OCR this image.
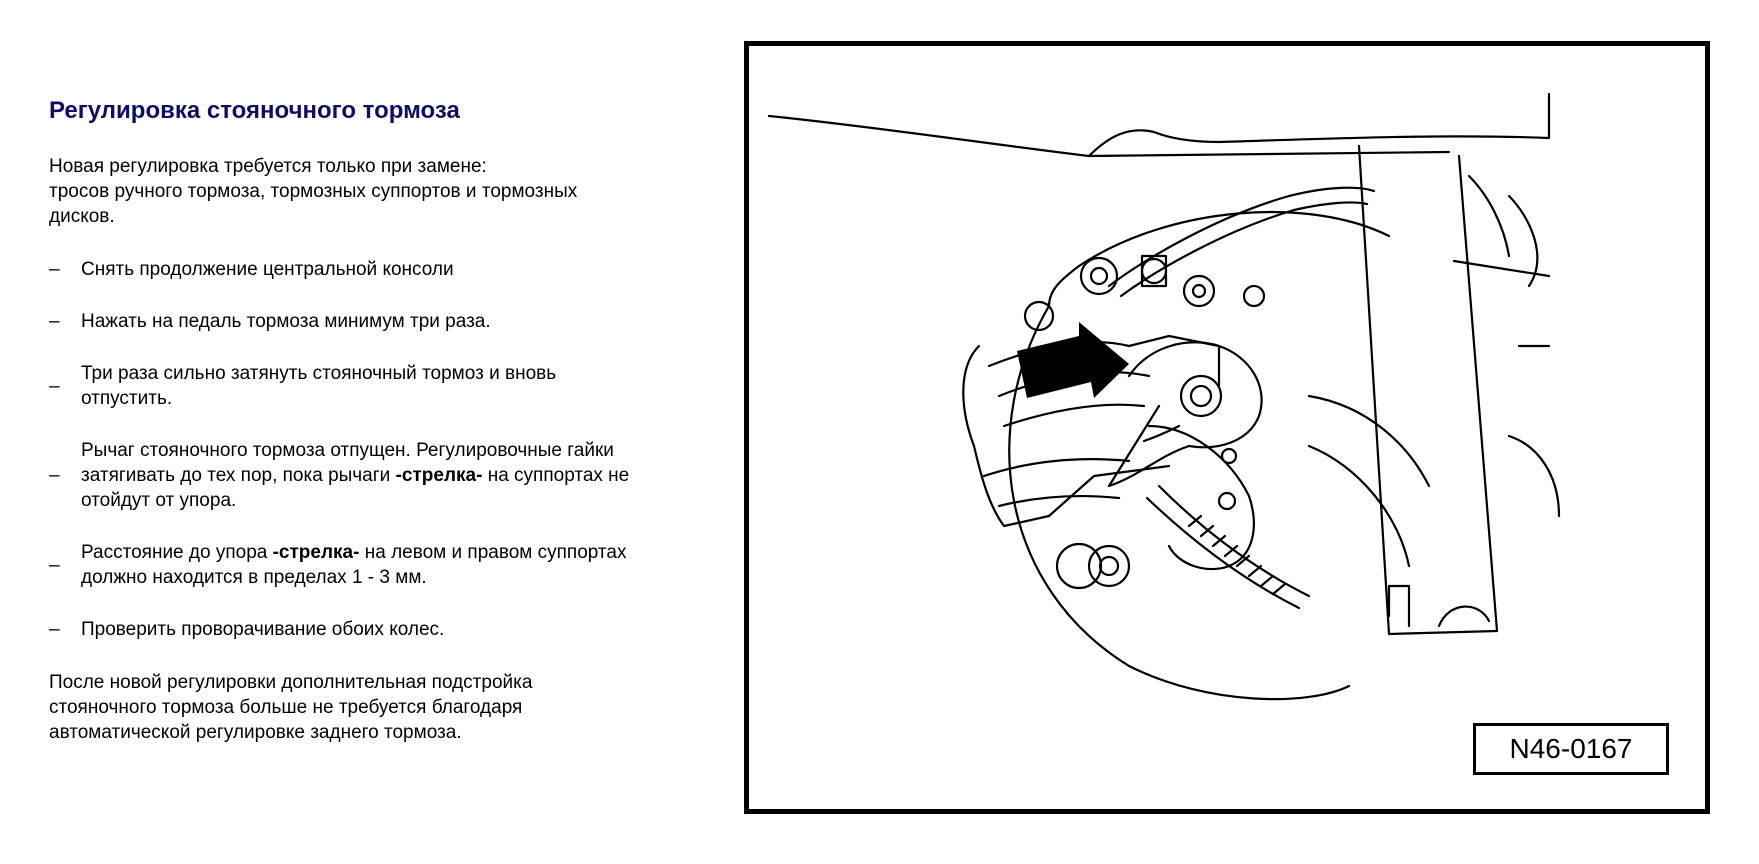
Регулировка стояночного тормоза

Новая регулировка требуется только при замене:
тросов ручного тормоза, тормозных суппортов и тормозных
дисков.

–	Снять продолжение центральной консоли
–	Нажать на педаль тормоза минимум три раза.
–
Три раза сильно затянуть стояночный тормоз и вновь
отпустить.
–
Рычаг стояночного тормоза отпущен. Регулировочные гайки
затягивать до тех пор, пока рычаги -стрелка- на суппортах не
отойдут от упора.
–
Расстояние до упора -стрелка- на левом и правом суппортах
должно находится в пределах 1 - 3 мм.
–	Проверить проворачивание обоих колес.

После новой регулировки дополнительная подстройка
стояночного тормоза больше не требуется благодаря
автоматической регулировке заднего тормоза.

N46-0167
